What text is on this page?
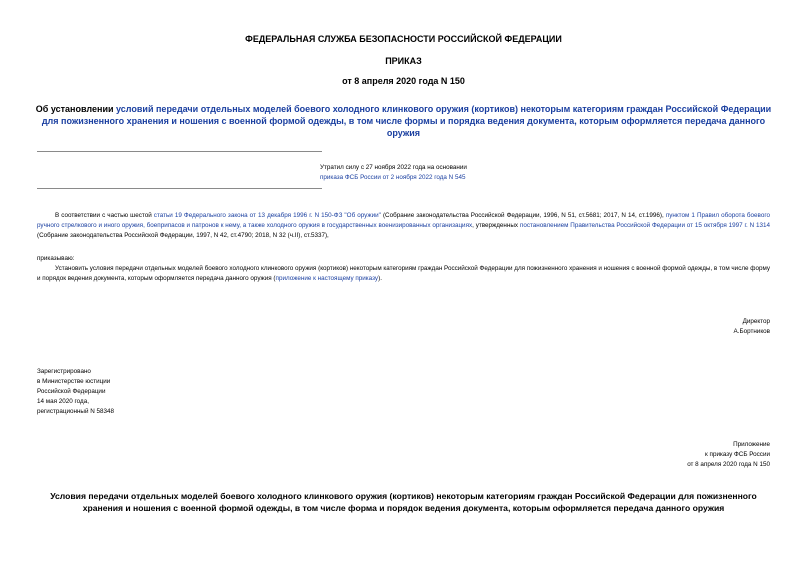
ФЕДЕРАЛЬНАЯ СЛУЖБА БЕЗОПАСНОСТИ РОССИЙСКОЙ ФЕДЕРАЦИИ
ПРИКАЗ
от 8 апреля 2020 года N 150
Об установлении условий передачи отдельных моделей боевого холодного клинкового оружия (кортиков) некоторым категориям граждан Российской Федерации для пожизненного хранения и ношения с военной формой одежды, в том числе формы и порядка ведения документа, которым оформляется передача данного оружия
Утратил силу с 27 ноября 2022 года на основании
приказа ФСБ России от 2 ноября 2022 года N 545
В соответствии с частью шестой статьи 19 Федерального закона от 13 декабря 1996 г. N 150-ФЗ "Об оружии" (Собрание законодательства Российской Федерации, 1996, N 51, ст.5681; 2017, N 14, ст.1996), пунктом 1 Правил оборота боевого ручного стрелкового и иного оружия, боеприпасов и патронов к нему, а также холодного оружия в государственных военизированных организациях, утвержденных постановлением Правительства Российской Федерации от 15 октября 1997 г. N 1314 (Собрание законодательства Российской Федерации, 1997, N 42, ст.4790; 2018, N 32 (ч.II), ст.5337),
приказываю:
Установить условия передачи отдельных моделей боевого холодного клинкового оружия (кортиков) некоторым категориям граждан Российской Федерации для пожизненного хранения и ношения с военной формой одежды, в том числе форму и порядок ведения документа, которым оформляется передача данного оружия (приложение к настоящему приказу).
Директор
А.Бортников
Зарегистрировано
в Министерстве юстиции
Российской Федерации
14 мая 2020 года,
регистрационный N 58348
Приложение
к приказу ФСБ России
от 8 апреля 2020 года N 150
Условия передачи отдельных моделей боевого холодного клинкового оружия (кортиков) некоторым категориям граждан Российской Федерации для пожизненного хранения и ношения с военной формой одежды, в том числе форма и порядок ведения документа, которым оформляется передача данного оружия
